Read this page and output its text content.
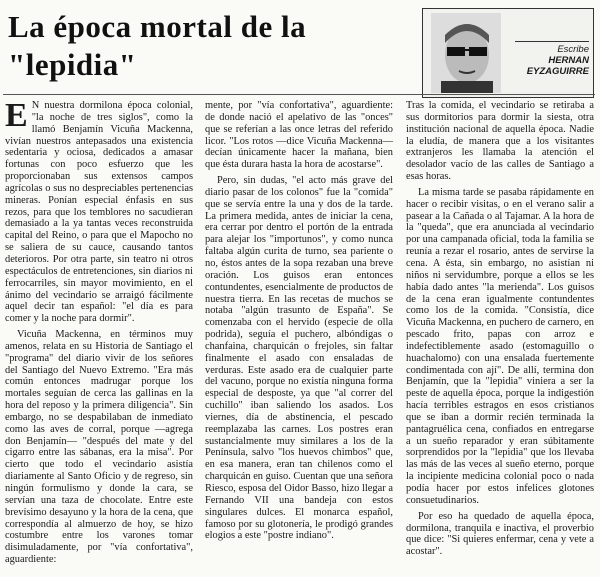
La época mortal de la "lepidia"	Escribe
HERNAN EYZAGUIRRE

E N nuestra dormilona época colonial, "la noche de tres siglos", como la llamó Benjamín Vicuña Mackenna, vivían nuestros antepasados una existencia sedentaria y ociosa, dedicados a amasar fortunas con poco esfuerzo que les proporcionaban sus extensos campos agrícolas o sus no despreciables pertenencias mineras. Ponían especial énfasis en sus rezos, para que los temblores no sacudieran demasiado a la ya tantas veces reconstruida capital del Reino, o para que el Mapocho no se saliera de su cauce, causando tantos deterioros. Por otra parte, sin teatro ni otros espectáculos de entretenciones, sin diarios ni ferrocarriles, sin mayor movimiento, en el ánimo del vecindario se arraigó fácilmente aquel decir tan español: "el día es para comer y la noche para dormir".

Vicuña Mackenna, en términos muy amenos, relata en su Historia de Santiago el "programa" del diario vivir de los señores del Santiago del Nuevo Extremo. "Era más común entonces madrugar porque los mortales seguían de cerca las gallinas en la hora del reposo y la primera diligencia". Sin embargo, no se despabilaban de inmediato como las aves de corral, porque —agrega don Benjamín— "después del mate y del cigarro entre las sábanas, era la misa". Por cierto que todo el vecindario asistía diariamente al Santo Oficio y de regreso, sin ningún formulismo y donde la cara, se servían una taza de chocolate. Entre este brevísimo desayuno y la hora de la cena, que correspondía al almuerzo de hoy, se hizo costumbre entre los varones tomar disimuladamente, por "vía confortativa", aguardiente:

mente, por "vía confortativa", aguardiente: de donde nació el apelativo de las "onces" que se referían a las once letras del referido licor. "Los rotos —dice Vicuña Mackenna— decían únicamente hacer la mañana, bien que ésta durara hasta la hora de acostarse".

Pero, sin dudas, "el acto más grave del diario pasar de los colonos" fue la "comida" que se servía entre la una y dos de la tarde. La primera medida, antes de iniciar la cena, era cerrar por dentro el portón de la entrada para alejar los "importunos", y como nunca faltaba algún curita de turno, sea pariente o no, éstos antes de la sopa rezaban una breve oración. Los guisos eran entonces contundentes, esencialmente de productos de nuestra tierra. En las recetas de muchos se notaba "algún trasunto de España". Se comenzaba con el hervido (especie de olla podrida), seguía el puchero, albóndigas o chanfaina, charquicán o frejoles, sin faltar finalmente el asado con ensaladas de verduras. Este asado era de cualquier parte del vacuno, porque no existía ninguna forma especial de desposte, ya que "al correr del cuchillo" iban saliendo los asados. Los viernes, día de abstinencia, el pescado reemplazaba las carnes. Los postres eran sustancialmente muy similares a los de la Península, salvo "los huevos chimbos" que, en esa manera, eran tan chilenos como el charquicán en guiso. Cuentan que una señora Riesco, esposa del Oidor Basso, hizo llegar a Fernando VII una bandeja con estos singulares dulces. El monarca español, famoso por su glotonería, le prodigó grandes elogios a este "postre indiano".

Tras la comida, el vecindario se retiraba a sus dormitorios para dormir la siesta, otra institución nacional de aquella época. Nadie la eludía, de manera que a los visitantes extranjeros les llamaba la atención el desolador vacío de las calles de Santiago a esas horas.

La misma tarde se pasaba rápidamente en hacer o recibir visitas, o en el verano salir a pasear a la Cañada o al Tajamar. A la hora de la "queda", que era anunciada al vecindario por una campanada oficial, toda la familia se reunía a rezar el rosario, antes de servirse la cena. A ésta, sin embargo, no asistían ni niños ni servidumbre, porque a ellos se les había dado antes "la merienda". Los guisos de la cena eran igualmente contundentes como los de la comida. "Consistía, dice Vicuña Mackenna, en puchero de carnero, en pescado frito, papas con arroz e indefectiblemente asado (estomaguillo o huachalomo) con una ensalada fuertemente condimentada con ají". De allí, termina don Benjamín, que la "lepidia" viniera a ser la peste de aquella época, porque la indigestión hacía terribles estragos en esos cristianos que se iban a dormir recién terminada la pantagruélica cena, confiados en entregarse a un sueño reparador y eran súbitamente sorprendidos por la "lepidia" que los llevaba las más de las veces al sueño eterno, porque la incipiente medicina colonial poco o nada podía hacer por estos infelices glotones consuetudinarios.

Por eso ha quedado de aquella época, dormilona, tranquila e inactiva, el proverbio que dice: "Si quieres enfermar, cena y vete a acostar".
